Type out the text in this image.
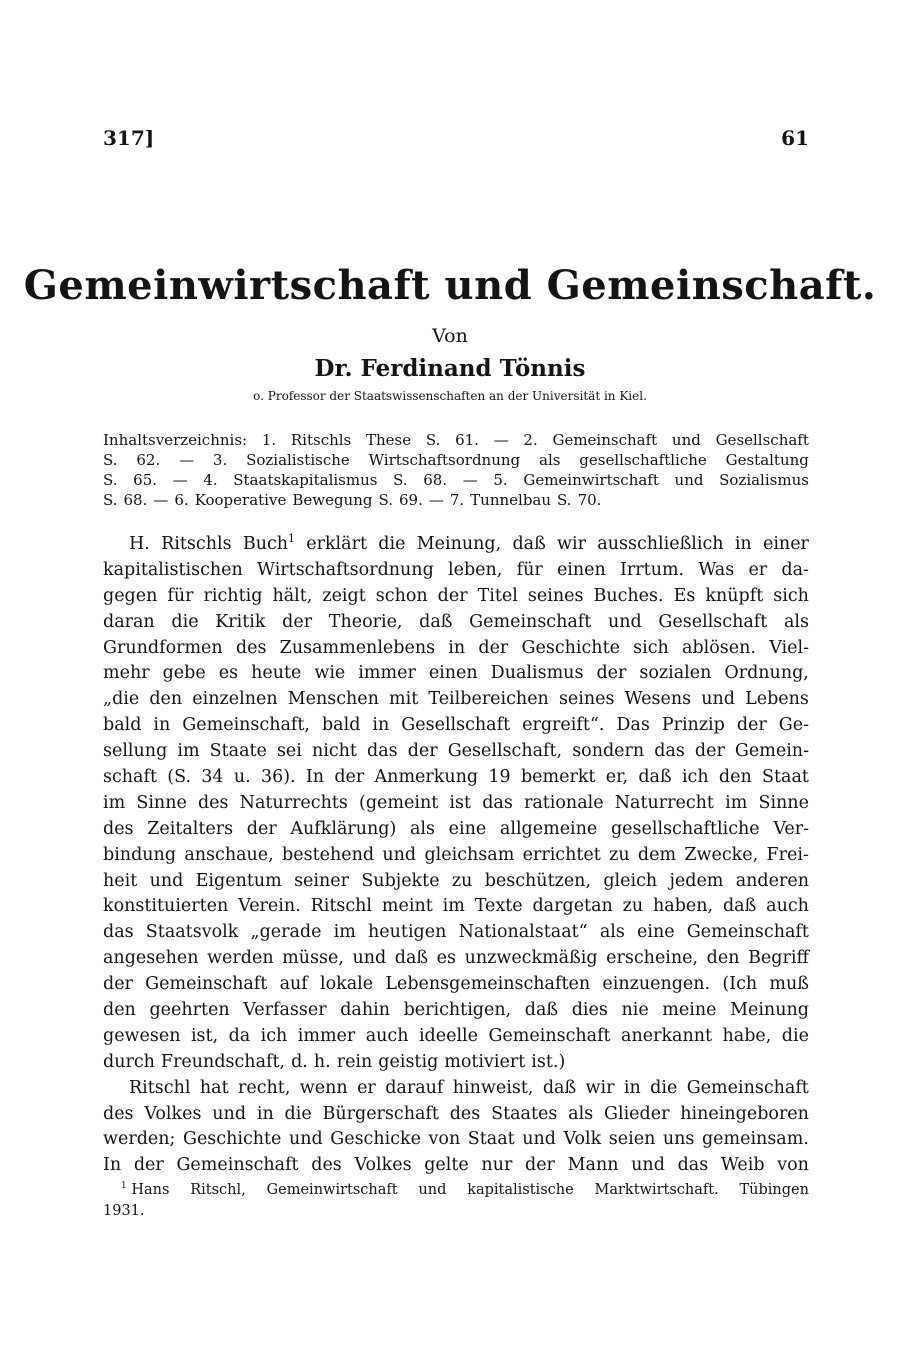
317]	61
Gemeinwirtschaft und Gemeinschaft.
Von
Dr. Ferdinand Tönnis
o. Professor der Staatswissenschaften an der Universität in Kiel.
Inhaltsverzeichnis: 1. Ritschls These S. 61. — 2. Gemeinschaft und Gesellschaft
S. 62. — 3. Sozialistische Wirtschaftsordnung als gesellschaftliche Gestaltung
S. 65. — 4. Staatskapitalismus S. 68. — 5. Gemeinwirtschaft und Sozialismus
S. 68. — 6. Kooperative Bewegung S. 69. — 7. Tunnelbau S. 70.
H. Ritschls Buch$^1$ erklärt die Meinung, daß wir ausschließlich in einer
kapitalistischen Wirtschaftsordnung leben, für einen Irrtum. Was er da-
gegen für richtig hält, zeigt schon der Titel seines Buches. Es knüpft sich
daran die Kritik der Theorie, daß Gemeinschaft und Gesellschaft als
Grundformen des Zusammenlebens in der Geschichte sich ablösen. Viel-
mehr gebe es heute wie immer einen Dualismus der sozialen Ordnung,
„die den einzelnen Menschen mit Teilbereichen seines Wesens und Lebens
bald in Gemeinschaft, bald in Gesellschaft ergreift“. Das Prinzip der Ge-
sellung im Staate sei nicht das der Gesellschaft, sondern das der Gemein-
schaft (S. 34 u. 36). In der Anmerkung 19 bemerkt er, daß ich den Staat
im Sinne des Naturrechts (gemeint ist das rationale Naturrecht im Sinne
des Zeitalters der Aufklärung) als eine allgemeine gesellschaftliche Ver-
bindung anschaue, bestehend und gleichsam errichtet zu dem Zwecke, Frei-
heit und Eigentum seiner Subjekte zu beschützen, gleich jedem anderen
konstituierten Verein. Ritschl meint im Texte dargetan zu haben, daß auch
das Staatsvolk „gerade im heutigen Nationalstaat“ als eine Gemeinschaft
angesehen werden müsse, und daß es unzweckmäßig erscheine, den Begriff
der Gemeinschaft auf lokale Lebensgemeinschaften einzuengen. (Ich muß
den geehrten Verfasser dahin berichtigen, daß dies nie meine Meinung
gewesen ist, da ich immer auch ideelle Gemeinschaft anerkannt habe, die
durch Freundschaft, d. h. rein geistig motiviert ist.)
Ritschl hat recht, wenn er darauf hinweist, daß wir in die Gemeinschaft
des Volkes und in die Bürgerschaft des Staates als Glieder hineingeboren
werden; Geschichte und Geschicke von Staat und Volk seien uns gemeinsam.
In der Gemeinschaft des Volkes gelte nur der Mann und das Weib von
$^1$ Hans Ritschl, Gemeinwirtschaft und kapitalistische Marktwirtschaft. Tübingen
1931.
